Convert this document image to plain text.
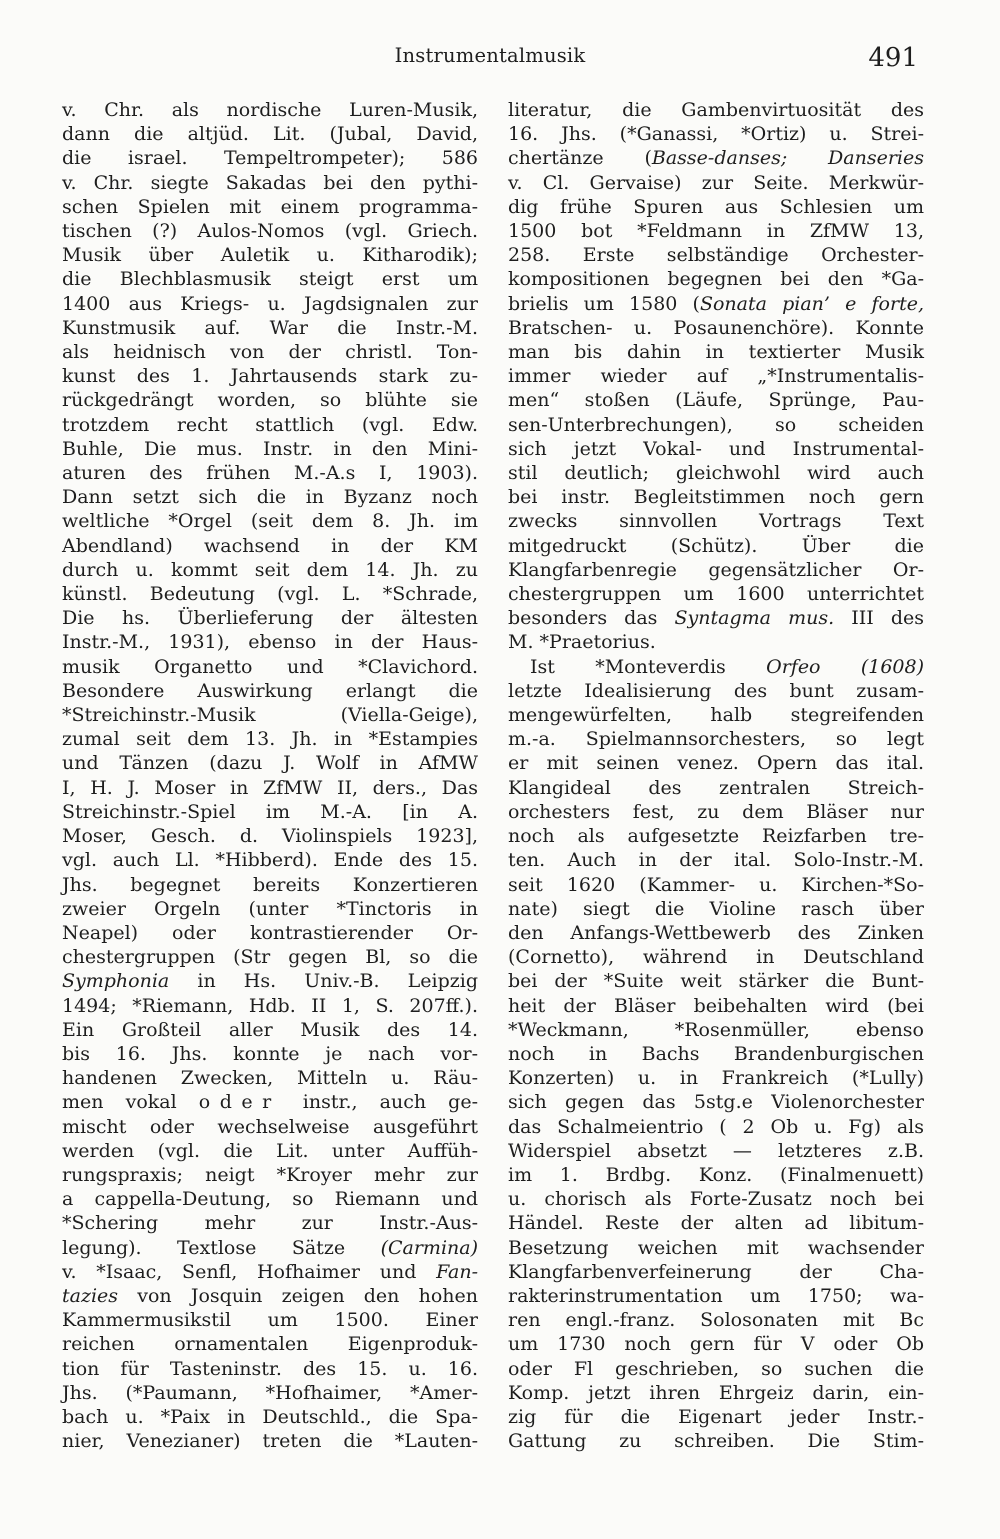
Instrumentalmusik	491
v. Chr. als nordische Luren-Musik,
dann die altjüd. Lit. (Jubal, David,
die israel. Tempeltrompeter); 586
v. Chr. siegte Sakadas bei den pythi-
schen Spielen mit einem programma-
tischen (?) Aulos-Nomos (vgl. Griech.
Musik über Auletik u. Kitharodik);
die Blechblasmusik steigt erst um
1400 aus Kriegs- u. Jagdsignalen zur
Kunstmusik auf. War die Instr.-M.
als heidnisch von der christl. Ton-
kunst des 1. Jahrtausends stark zu-
rückgedrängt worden, so blühte sie
trotzdem recht stattlich (vgl. Edw.
Buhle, Die mus. Instr. in den Mini-
aturen des frühen M.-A.s I, 1903).
Dann setzt sich die in Byzanz noch
weltliche *Orgel (seit dem 8. Jh. im
Abendland) wachsend in der KM
durch u. kommt seit dem 14. Jh. zu
künstl. Bedeutung (vgl. L. *Schrade,
Die hs. Überlieferung der ältesten
Instr.-M., 1931), ebenso in der Haus-
musik Organetto und *Clavichord.
Besondere Auswirkung erlangt die
*Streichinstr.-Musik (Viella-Geige),
zumal seit dem 13. Jh. in *Estampies
und Tänzen (dazu J. Wolf in AfMW
I, H. J. Moser in ZfMW II, ders., Das
Streichinstr.-Spiel im M.-A. [in A.
Moser, Gesch. d. Violinspiels 1923],
vgl. auch Ll. *Hibberd). Ende des 15.
Jhs. begegnet bereits Konzertieren
zweier Orgeln (unter *Tinctoris in
Neapel) oder kontrastierender Or-
chestergruppen (Str gegen Bl, so die
Symphonia in Hs. Univ.-B. Leipzig
1494; *Riemann, Hdb. II 1, S. 207ff.).
Ein Großteil aller Musik des 14.
bis 16. Jhs. konnte je nach vor-
handenen Zwecken, Mitteln u. Räu-
men vokal oder instr., auch ge-
mischt oder wechselweise ausgeführt
werden (vgl. die Lit. unter Auffüh-
rungspraxis; neigt *Kroyer mehr zur
a cappella-Deutung, so Riemann und
*Schering mehr zur Instr.-Aus-
legung). Textlose Sätze (Carmina)
v. *Isaac, Senfl, Hofhaimer und Fan-
tazies von Josquin zeigen den hohen
Kammermusikstil um 1500. Einer
reichen ornamentalen Eigenproduk-
tion für Tasteninstr. des 15. u. 16.
Jhs. (*Paumann, *Hofhaimer, *Amer-
bach u. *Paix in Deutschld., die Spa-
nier, Venezianer) treten die *Lauten-
literatur, die Gambenvirtuosität des
16. Jhs. (*Ganassi, *Ortiz) u. Strei-
chertänze (Basse-danses; Danseries
v. Cl. Gervaise) zur Seite. Merkwür-
dig frühe Spuren aus Schlesien um
1500 bot *Feldmann in ZfMW 13,
258. Erste selbständige Orchester-
kompositionen begegnen bei den *Ga-
brielis um 1580 (Sonata pian’ e forte,
Bratschen- u. Posaunenchöre). Konnte
man bis dahin in textierter Musik
immer wieder auf „*Instrumentalis-
men“ stoßen (Läufe, Sprünge, Pau-
sen-Unterbrechungen), so scheiden
sich jetzt Vokal- und Instrumental-
stil deutlich; gleichwohl wird auch
bei instr. Begleitstimmen noch gern
zwecks sinnvollen Vortrags Text
mitgedruckt (Schütz). Über die
Klangfarbenregie gegensätzlicher Or-
chestergruppen um 1600 unterrichtet
besonders das Syntagma mus. III des
M. *Praetorius.
Ist *Monteverdis Orfeo (1608)
letzte Idealisierung des bunt zusam-
mengewürfelten, halb stegreifenden
m.-a. Spielmannsorchesters, so legt
er mit seinen venez. Opern das ital.
Klangideal des zentralen Streich-
orchesters fest, zu dem Bläser nur
noch als aufgesetzte Reizfarben tre-
ten. Auch in der ital. Solo-Instr.-M.
seit 1620 (Kammer- u. Kirchen-*So-
nate) siegt die Violine rasch über
den Anfangs-Wettbewerb des Zinken
(Cornetto), während in Deutschland
bei der *Suite weit stärker die Bunt-
heit der Bläser beibehalten wird (bei
*Weckmann, *Rosenmüller, ebenso
noch in Bachs Brandenburgischen
Konzerten) u. in Frankreich (*Lully)
sich gegen das 5stg.e Violenorchester
das Schalmeientrio ( 2 Ob u. Fg) als
Widerspiel absetzt — letzteres z.B.
im 1. Brdbg. Konz. (Finalmenuett)
u. chorisch als Forte-Zusatz noch bei
Händel. Reste der alten ad libitum-
Besetzung weichen mit wachsender
Klangfarbenverfeinerung der Cha-
rakterinstrumentation um 1750; wa-
ren engl.-franz. Solosonaten mit Bc
um 1730 noch gern für V oder Ob
oder Fl geschrieben, so suchen die
Komp. jetzt ihren Ehrgeiz darin, ein-
zig für die Eigenart jeder Instr.-
Gattung zu schreiben. Die Stim-
